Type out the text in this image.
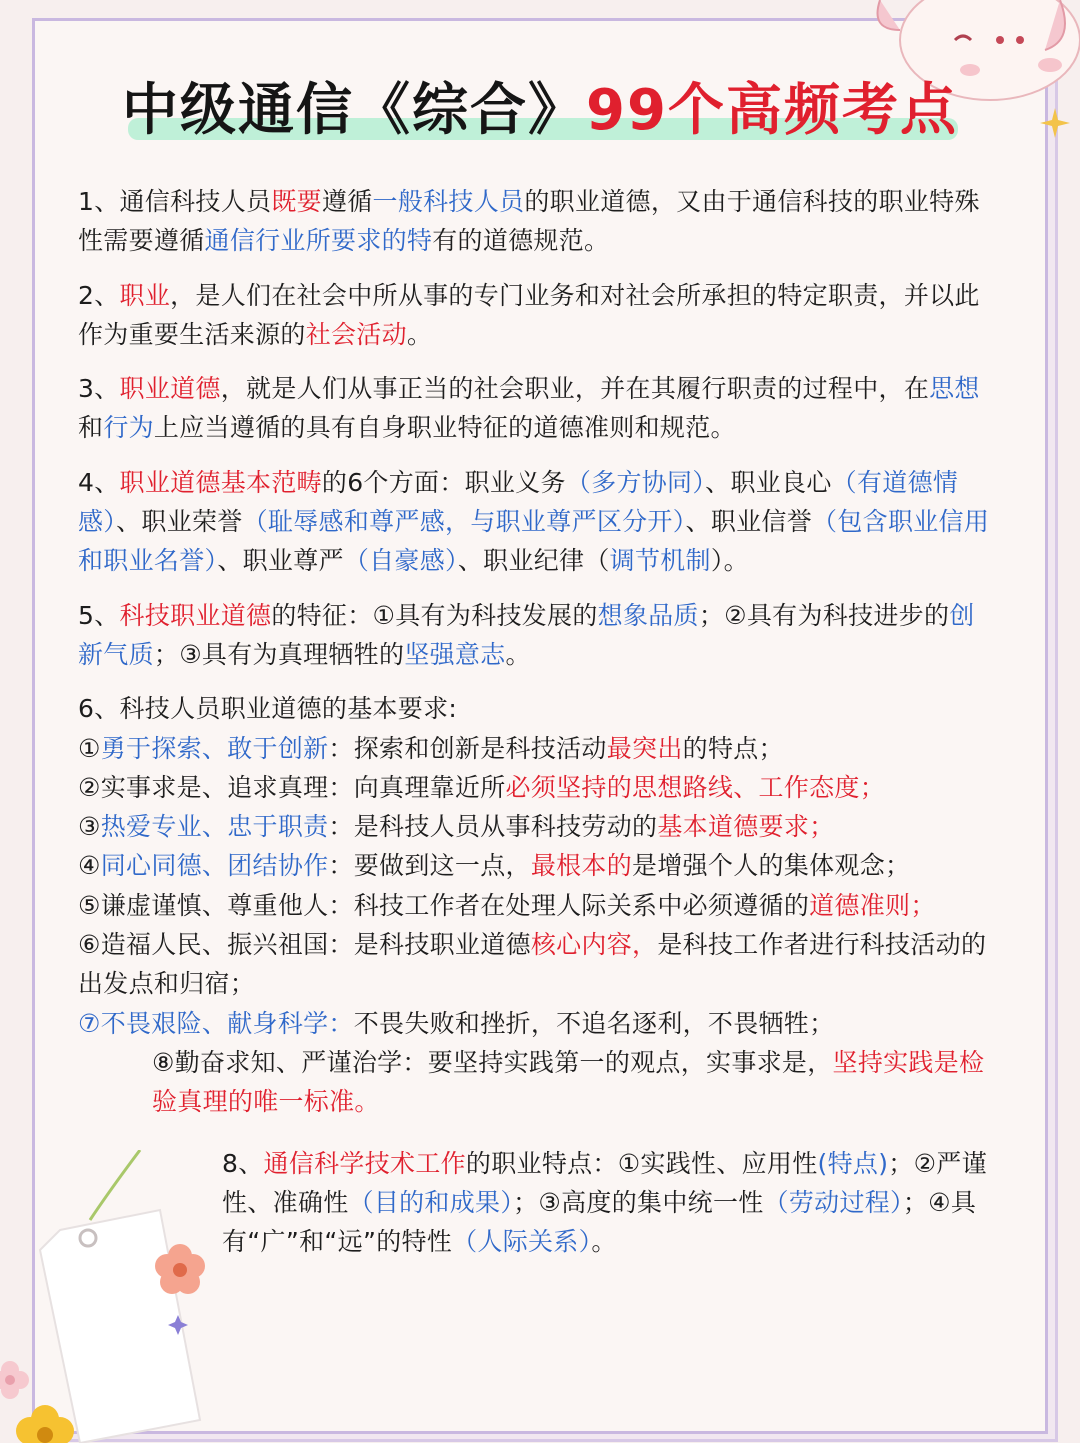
中级通信《综合》99个高频考点
1、通信科技人员既要遵循一般科技人员的职业道德，又由于通信科技的职业特殊性需要遵循通信行业所要求的特有的道德规范。
2、职业，是人们在社会中所从事的专门业务和对社会所承担的特定职责，并以此作为重要生活来源的社会活动。
3、职业道德，就是人们从事正当的社会职业，并在其履行职责的过程中，在思想和行为上应当遵循的具有自身职业特征的道德准则和规范。
4、职业道德基本范畴的6个方面：职业义务（多方协同）、职业良心（有道德情感）、职业荣誉（耻辱感和尊严感，与职业尊严区分开）、职业信誉（包含职业信用和职业名誉）、职业尊严（自豪感）、职业纪律（调节机制）。
5、科技职业道德的特征：①具有为科技发展的想象品质；②具有为科技进步的创新气质；③具有为真理牺牲的坚强意志。
6、科技人员职业道德的基本要求:
①勇于探索、敢于创新：探索和创新是科技活动最突出的特点；
②实事求是、追求真理：向真理靠近所必须坚持的思想路线、工作态度；
③热爱专业、忠于职责：是科技人员从事科技劳动的基本道德要求；
④同心同德、团结协作：要做到这一点，最根本的是增强个人的集体观念；
⑤谦虚谨慎、尊重他人：科技工作者在处理人际关系中必须遵循的道德准则；
⑥造福人民、振兴祖国：是科技职业道德核心内容，是科技工作者进行科技活动的出发点和归宿；
⑦不畏艰险、献身科学：不畏失败和挫折，不追名逐利，不畏牺牲；
⑧勤奋求知、严谨治学：要坚持实践第一的观点，实事求是，坚持实践是检验真理的唯一标准。
8、通信科学技术工作的职业特点：①实践性、应用性(特点)；②严谨性、准确性（目的和成果）；③高度的集中统一性（劳动过程）；④具有“广”和“远”的特性（人际关系）。
